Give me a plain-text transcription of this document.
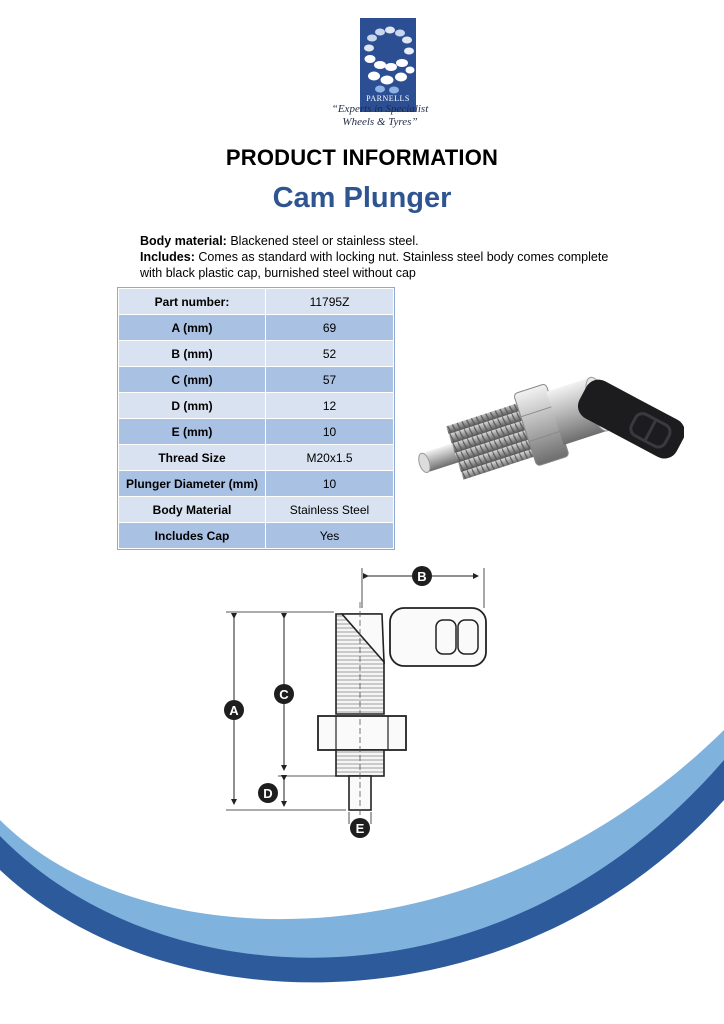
PARNELLS
“Experts in Specialist
Wheels & Tyres”
PRODUCT INFORMATION
Cam Plunger
Body material: Blackened steel or stainless steel.
Includes: Comes as standard with locking nut. Stainless steel body comes complete with black plastic cap, burnished steel without cap
Part number:	11795Z
A (mm)	69
B (mm)	52
C (mm)	57
D (mm)	12
E (mm)	10
Thread Size	M20x1.5
Plunger Diameter (mm)	10
Body Material	Stainless Steel
Includes Cap	Yes
A
B
C
D
E
